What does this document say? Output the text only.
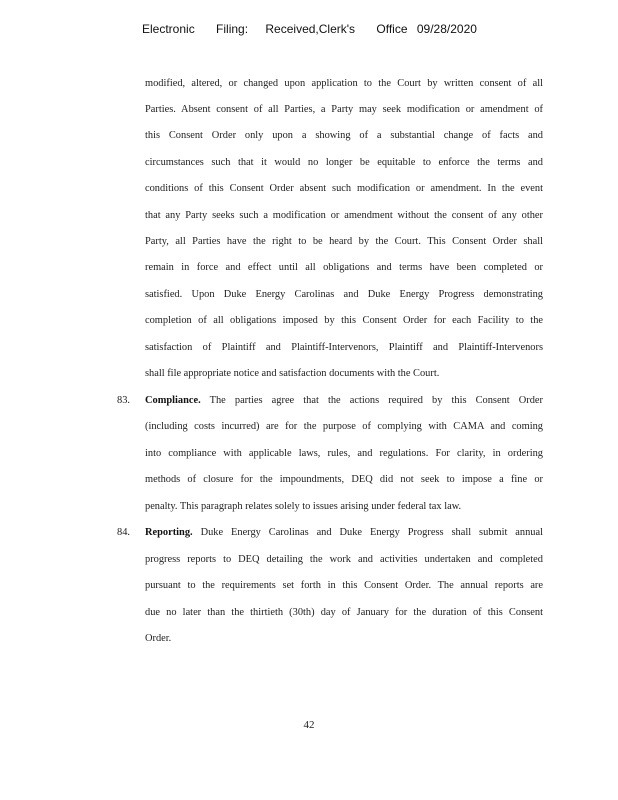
Electronic Filing: Received,Clerk's Office 09/28/2020
modified, altered, or changed upon application to the Court by written consent of all
Parties. Absent consent of all Parties, a Party may seek modification or amendment of
this Consent Order only upon a showing of a substantial change of facts and
circumstances such that it would no longer be equitable to enforce the terms and
conditions of this Consent Order absent such modification or amendment. In the event
that any Party seeks such a modification or amendment without the consent of any other
Party, all Parties have the right to be heard by the Court. This Consent Order shall
remain in force and effect until all obligations and terms have been completed or
satisfied. Upon Duke Energy Carolinas and Duke Energy Progress demonstrating
completion of all obligations imposed by this Consent Order for each Facility to the
satisfaction of Plaintiff and Plaintiff-Intervenors, Plaintiff and Plaintiff-Intervenors
shall file appropriate notice and satisfaction documents with the Court.
83.	Compliance. The parties agree that the actions required by this Consent Order
(including costs incurred) are for the purpose of complying with CAMA and coming
into compliance with applicable laws, rules, and regulations. For clarity, in ordering
methods of closure for the impoundments, DEQ did not seek to impose a fine or
penalty. This paragraph relates solely to issues arising under federal tax law.
84.	Reporting. Duke Energy Carolinas and Duke Energy Progress shall submit annual
progress reports to DEQ detailing the work and activities undertaken and completed
pursuant to the requirements set forth in this Consent Order. The annual reports are
due no later than the thirtieth (30th) day of January for the duration of this Consent
Order.
42
